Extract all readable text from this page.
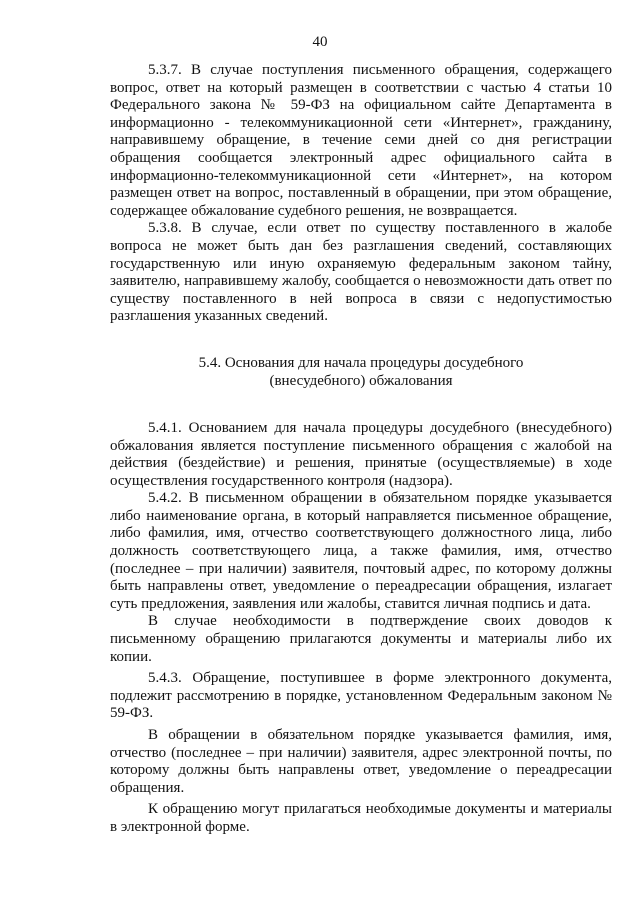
40

5.3.7. В случае поступления письменного обращения, содержащего вопрос, ответ на который размещен в соответствии с частью 4 статьи 10 Федерального закона № 59-ФЗ на официальном сайте Департамента в информационно - телекоммуникационной сети «Интернет», гражданину, направившему обращение, в течение семи дней со дня регистрации обращения сообщается электронный адрес официального сайта в информационно-телекоммуникационной сети «Интернет», на котором размещен ответ на вопрос, поставленный в обращении, при этом обращение, содержащее обжалование судебного решения, не возвращается.

5.3.8. В случае, если ответ по существу поставленного в жалобе вопроса не может быть дан без разглашения сведений, составляющих государственную или иную охраняемую федеральным законом тайну, заявителю, направившему жалобу, сообщается о невозможности дать ответ по существу поставленного в ней вопроса в связи с недопустимостью разглашения указанных сведений.

5.4. Основания для начала процедуры досудебного
(внесудебного) обжалования

5.4.1. Основанием для начала процедуры досудебного (внесудебного) обжалования является поступление письменного обращения с жалобой на действия (бездействие) и решения, принятые (осуществляемые) в ходе осуществления государственного контроля (надзора).

5.4.2. В письменном обращении в обязательном порядке указывается либо наименование органа, в который направляется письменное обращение, либо фамилия, имя, отчество соответствующего должностного лица, либо должность соответствующего лица, а также фамилия, имя, отчество (последнее – при наличии) заявителя, почтовый адрес, по которому должны быть направлены ответ, уведомление о переадресации обращения, излагает суть предложения, заявления или жалобы, ставится личная подпись и дата.

В случае необходимости в подтверждение своих доводов к письменному обращению прилагаются документы и материалы либо их копии.

5.4.3. Обращение, поступившее в форме электронного документа, подлежит рассмотрению в порядке, установленном Федеральным законом № 59-ФЗ.

В обращении в обязательном порядке указывается фамилия, имя, отчество (последнее – при наличии) заявителя, адрес электронной почты, по которому должны быть направлены ответ, уведомление о переадресации обращения.

К обращению могут прилагаться необходимые документы и материалы в электронной форме.
